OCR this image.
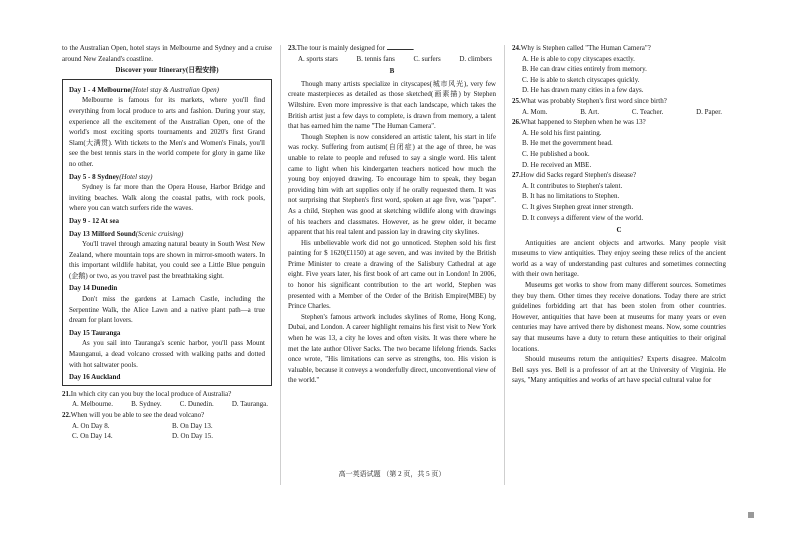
to the Australian Open, hotel stays in Melbourne and Sydney and a cruise around New Zealand's coastline.

Discover your Itinerary(日程安排)

Day 1 - 4 Melbourne(Hotel stay & Australian Open)

Melbourne is famous for its markets, where you'll find everything from local produce to arts and fashion. During your stay, experience all the excitement of the Australian Open, one of the world's most exciting sports tournaments and 2020's first Grand Slam(大满贯). With tickets to the Men's and Women's Finals, you'll see the best tennis stars in the world compete for glory in game like no other.

Day 5 - 8 Sydney(Hotel stay)

Sydney is far more than the Opera House, Harbor Bridge and inviting beaches. Walk along the coastal paths, with rock pools, where you can watch surfers ride the waves.

Day 9 - 12 At sea

Day 13 Milford Sound(Scenic cruising)

You'll travel through amazing natural beauty in South West New Zealand, where mountain tops are shown in mirror-smooth waters. In this important wildlife habitat, you could see a Little Blue penguin (企鹅) or two, as you travel past the breathtaking sight.

Day 14 Dunedin

Don't miss the gardens at Larnach Castle, including the Serpentine Walk, the Alice Lawn and a native plant path—a true dream for plant lovers.

Day 15 Tauranga

As you sail into Tauranga's scenic harbor, you'll pass Mount Maunganui, a dead volcano crossed with walking paths and dotted with hot saltwater pools.

Day 16 Auckland

21.In which city can you buy the local produce of Australia?

A. Melbourne.	B. Sydney.	C. Dunedin.	D. Tauranga.

22.When will you be able to see the dead volcano?

A. On Day 8.	B. On Day 13.
C. On Day 14.	D. On Day 15.

23.The tour is mainly designed for	.

A. sports stars	B. tennis fans	C. surfers	D. climbers

B

Though many artists specialize in cityscapes(城市风光), very few create masterpieces as detailed as those sketched(画素描) by Stephen Wiltshire. Even more impressive is that each landscape, which takes the British artist just a few days to complete, is drawn from memory, a talent that has earned him the name "The Human Camera".

Though Stephen is now considered an artistic talent, his start in life was rocky. Suffering from autism(自闭症) at the age of three, he was unable to relate to people and refused to say a single word. His talent came to light when his kindergarten teachers noticed how much the young boy enjoyed drawing. To encourage him to speak, they began providing him with art supplies only if he orally requested them. It was not surprising that Stephen's first word, spoken at age five, was "paper". As a child, Stephen was good at sketching wildlife along with drawings of his teachers and classmates. However, as he grew older, it became apparent that his real talent and passion lay in drawing city skylines.

His unbelievable work did not go unnoticed. Stephen sold his first painting for $ 1620(£1150) at age seven, and was invited by the British Prime Minister to create a drawing of the Salisbury Cathedral at age eight. Five years later, his first book of art came out in London! In 2006, to honor his significant contribution to the art world, Stephen was presented with a Member of the Order of the British Empire(MBE) by Prince Charles.

Stephen's famous artwork includes skylines of Rome, Hong Kong, Dubai, and London. A career highlight remains his first visit to New York when he was 13, a city he loves and often visits. It was there where he met the late author Oliver Sacks. The two became lifelong friends. Sacks once wrote, "His limitations can serve as strengths, too. His vision is valuable, because it conveys a wonderfully direct, unconventional view of the world."

高一英语试题 （第 2 页，共 5 页）

24.Why is Stephen called "The Human Camera"?

A. He is able to copy cityscapes exactly.

B. He can draw cities entirely from memory.

C. He is able to sketch cityscapes quickly.

D. He has drawn many cities in a few days.

25.What was probably Stephen's first word since birth?

A. Mom.	B. Art.	C. Teacher.	D. Paper.

26.What happened to Stephen when he was 13?

A. He sold his first painting.

B. He met the government head.

C. He published a book.

D. He received an MBE.

27.How did Sacks regard Stephen's disease?

A. It contributes to Stephen's talent.

B. It has no limitations to Stephen.

C. It gives Stephen great inner strength.

D. It conveys a different view of the world.

C

Antiquities are ancient objects and artworks. Many people visit museums to view antiquities. They enjoy seeing these relics of the ancient world as a way of understanding past cultures and sometimes connecting with their own heritage.

Museums get works to show from many different sources. Sometimes they buy them. Other times they receive donations. Today there are strict guidelines forbidding art that has been stolen from other countries. However, antiquities that have been at museums for many years or even centuries may have arrived there by dishonest means. Now, some countries say that museums have a duty to return these antiquities to their original locations.

Should museums return the antiquities? Experts disagree. Malcolm Bell says yes. Bell is a professor of art at the University of Virginia. He says, "Many antiquities and works of art have special cultural value for
